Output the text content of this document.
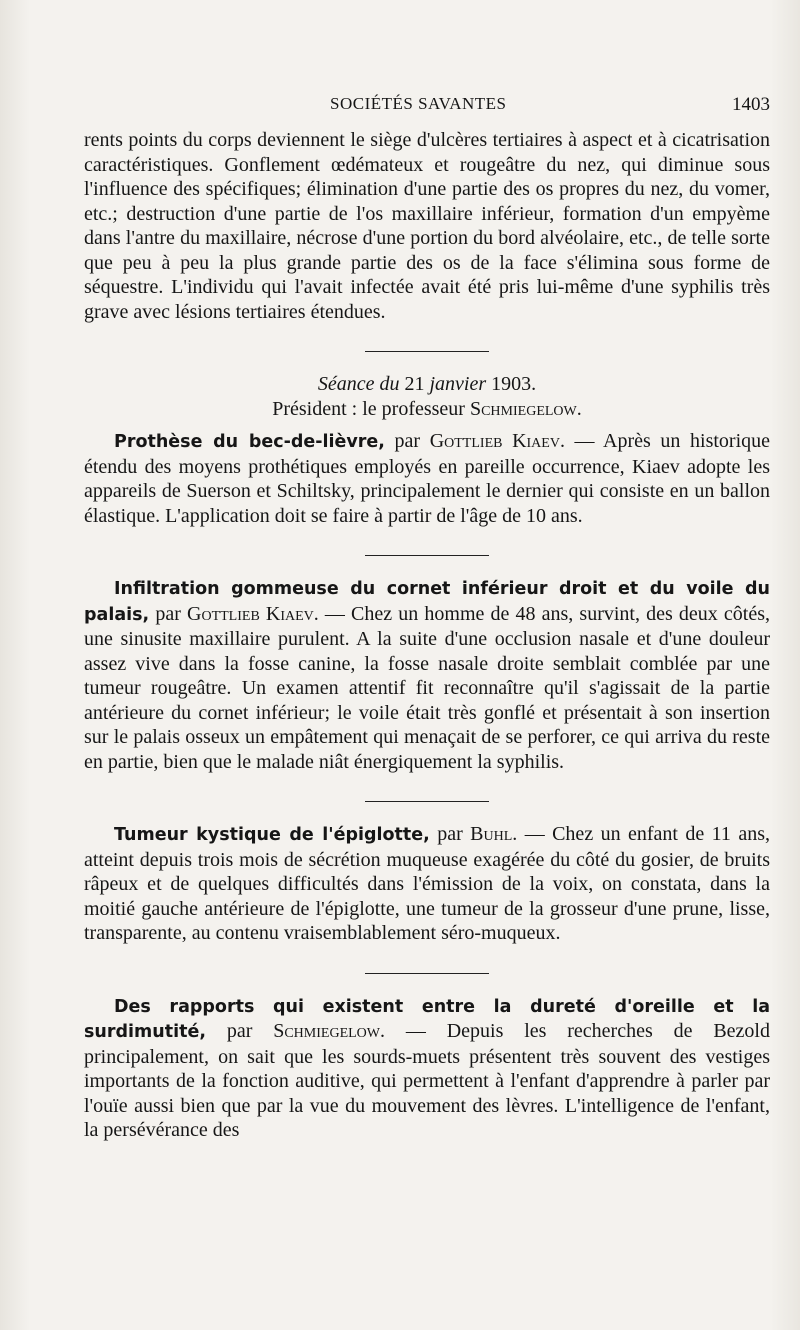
SOCIÉTÉS SAVANTES	1403

rents points du corps deviennent le siège d'ulcères tertiaires à aspect et à cicatrisation caractéristiques. Gonflement œdémateux et rougeâtre du nez, qui diminue sous l'influence des spécifiques; élimination d'une partie des os propres du nez, du vomer, etc.; destruction d'une partie de l'os maxillaire inférieur, formation d'un empyème dans l'antre du maxillaire, nécrose d'une portion du bord alvéolaire, etc., de telle sorte que peu à peu la plus grande partie des os de la face s'élimina sous forme de séquestre. L'individu qui l'avait infectée avait été pris lui-même d'une syphilis très grave avec lésions tertiaires étendues.

Séance du 21 janvier 1903.

Président : le professeur Schmiegelow.

Prothèse du bec-de-lièvre, par Gottlieb Kiaev. — Après un historique étendu des moyens prothétiques employés en pareille occurrence, Kiaev adopte les appareils de Suerson et Schiltsky, principalement le dernier qui consiste en un ballon élastique. L'application doit se faire à partir de l'âge de 10 ans.

Infiltration gommeuse du cornet inférieur droit et du voile du palais, par Gottlieb Kiaev. — Chez un homme de 48 ans, survint, des deux côtés, une sinusite maxillaire purulent. A la suite d'une occlusion nasale et d'une douleur assez vive dans la fosse canine, la fosse nasale droite semblait comblée par une tumeur rougeâtre. Un examen attentif fit reconnaître qu'il s'agissait de la partie antérieure du cornet inférieur; le voile était très gonflé et présentait à son insertion sur le palais osseux un empâtement qui menaçait de se perforer, ce qui arriva du reste en partie, bien que le malade niât énergiquement la syphilis.

Tumeur kystique de l'épiglotte, par Buhl. — Chez un enfant de 11 ans, atteint depuis trois mois de sécrétion muqueuse exagérée du côté du gosier, de bruits râpeux et de quelques difficultés dans l'émission de la voix, on constata, dans la moitié gauche antérieure de l'épiglotte, une tumeur de la grosseur d'une prune, lisse, transparente, au contenu vraisemblablement séro-muqueux.

Des rapports qui existent entre la dureté d'oreille et la surdimutité, par Schmiegelow. — Depuis les recherches de Bezold principalement, on sait que les sourds-muets présentent très souvent des vestiges importants de la fonction auditive, qui permettent à l'enfant d'apprendre à parler par l'ouïe aussi bien que par la vue du mouvement des lèvres. L'intelligence de l'enfant, la persévérance des
